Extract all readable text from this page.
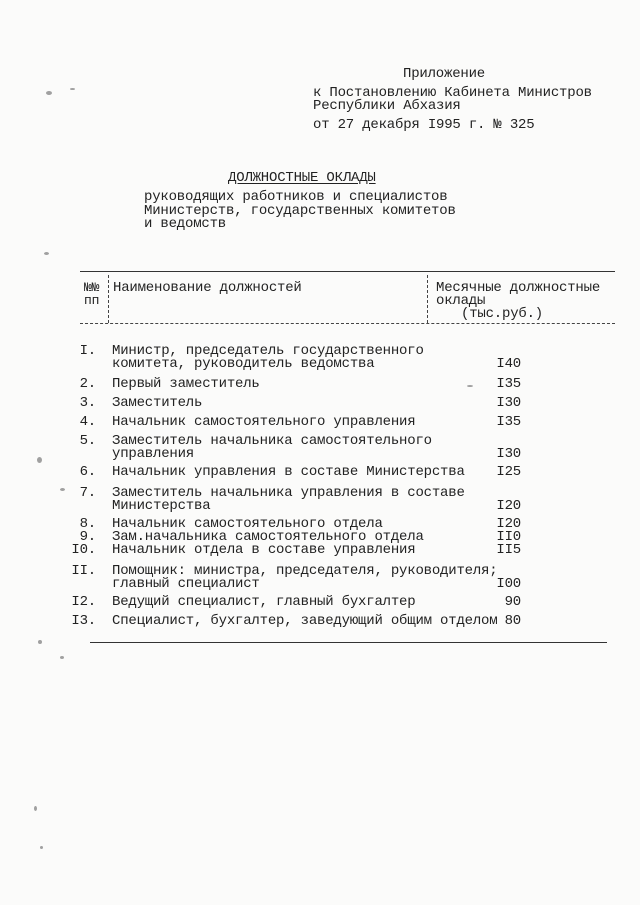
Приложение
к Постановлению Кабинета Министров
Республики Абхазия
от 27 декабря I995 г. № 325
ДОЛЖНОСТНЫЕ ОКЛАДЫ
руководящих работников и специалистов
Министерств, государственных комитетов
и ведомств
№№
пп
Наименование должностей	Месячные должностные
оклады
(тыс.руб.)
I. Министр, председатель государственного
комитета, руководитель ведомства	I40
2. Первый заместитель	I35
3. Заместитель	I30
4. Начальник самостоятельного управления	I35
5. Заместитель начальника самостоятельного
управления	I30
6. Начальник управления в составе Министерства	I25
7. Заместитель начальника управления в составе
Министерства	I20
8. Начальник самостоятельного отдела	I20
9. Зам.начальника самостоятельного отдела	II0
I0. Начальник отдела в составе управления	II5
II. Помощник: министра, председателя, руководителя;
главный специалист	I00
I2. Ведущий специалист, главный бухгалтер	90
I3. Специалист, бухгалтер, заведующий общим отделом 80
